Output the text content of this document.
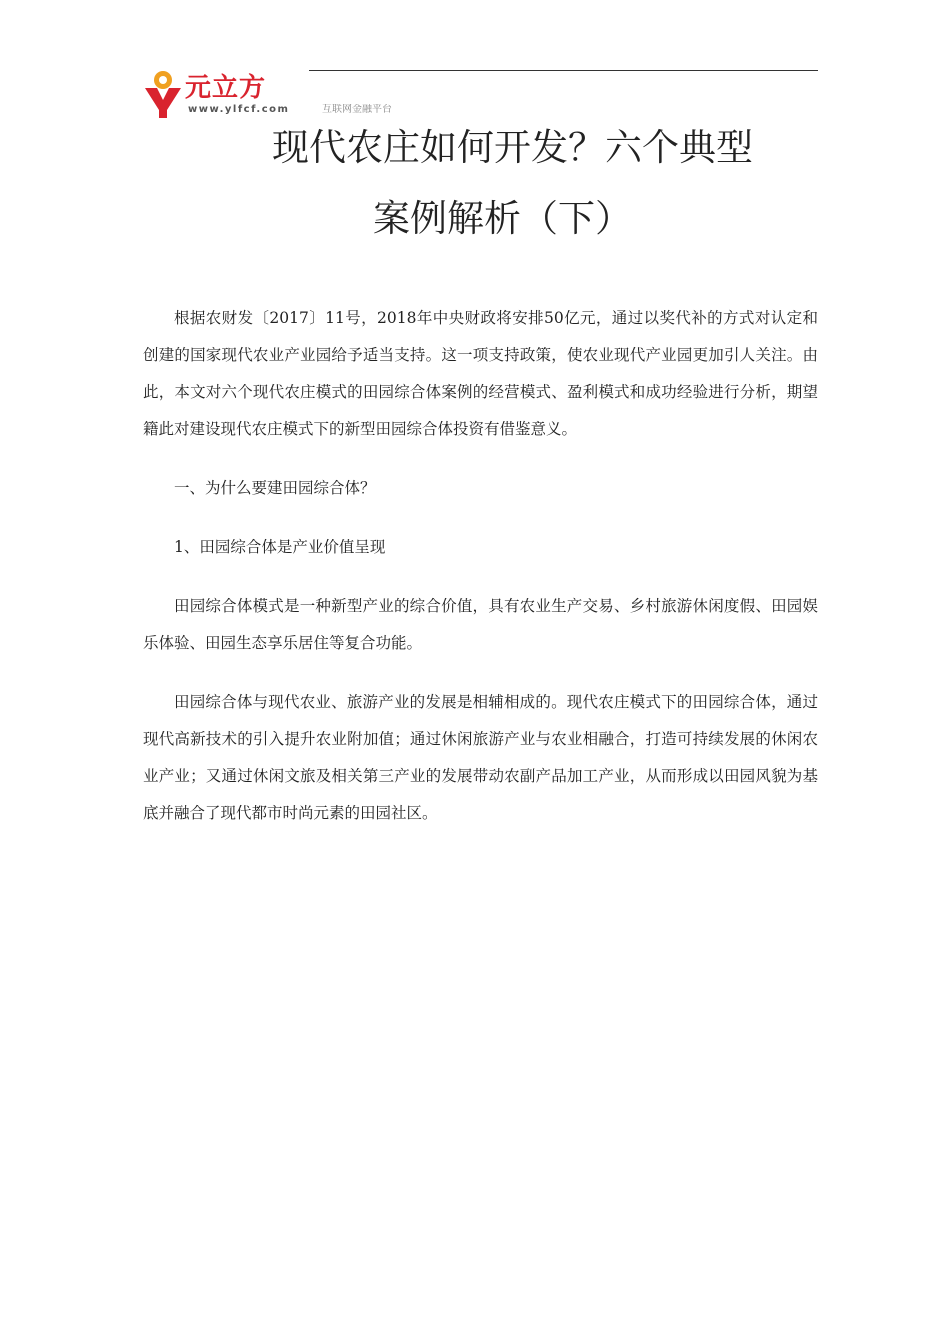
元立方
www.ylfcf.com	互联网金融平台
现代农庄如何开发？六个典型
案例解析（下）

根据农财发〔2017〕11号，2018年中央财政将安排50亿元，通过以奖代补的方式对认定和创建的国家现代农业产业园给予适当支持。这一项支持政策，使农业现代产业园更加引人关注。由此，本文对六个现代农庄模式的田园综合体案例的经营模式、盈利模式和成功经验进行分析，期望籍此对建设现代农庄模式下的新型田园综合体投资有借鉴意义。

一、为什么要建田园综合体？

1、田园综合体是产业价值呈现

田园综合体模式是一种新型产业的综合价值，具有农业生产交易、乡村旅游休闲度假、田园娱乐体验、田园生态享乐居住等复合功能。

田园综合体与现代农业、旅游产业的发展是相辅相成的。现代农庄模式下的田园综合体，通过现代高新技术的引入提升农业附加值；通过休闲旅游产业与农业相融合，打造可持续发展的休闲农业产业；又通过休闲文旅及相关第三产业的发展带动农副产品加工产业，从而形成以田园风貌为基底并融合了现代都市时尚元素的田园社区。
